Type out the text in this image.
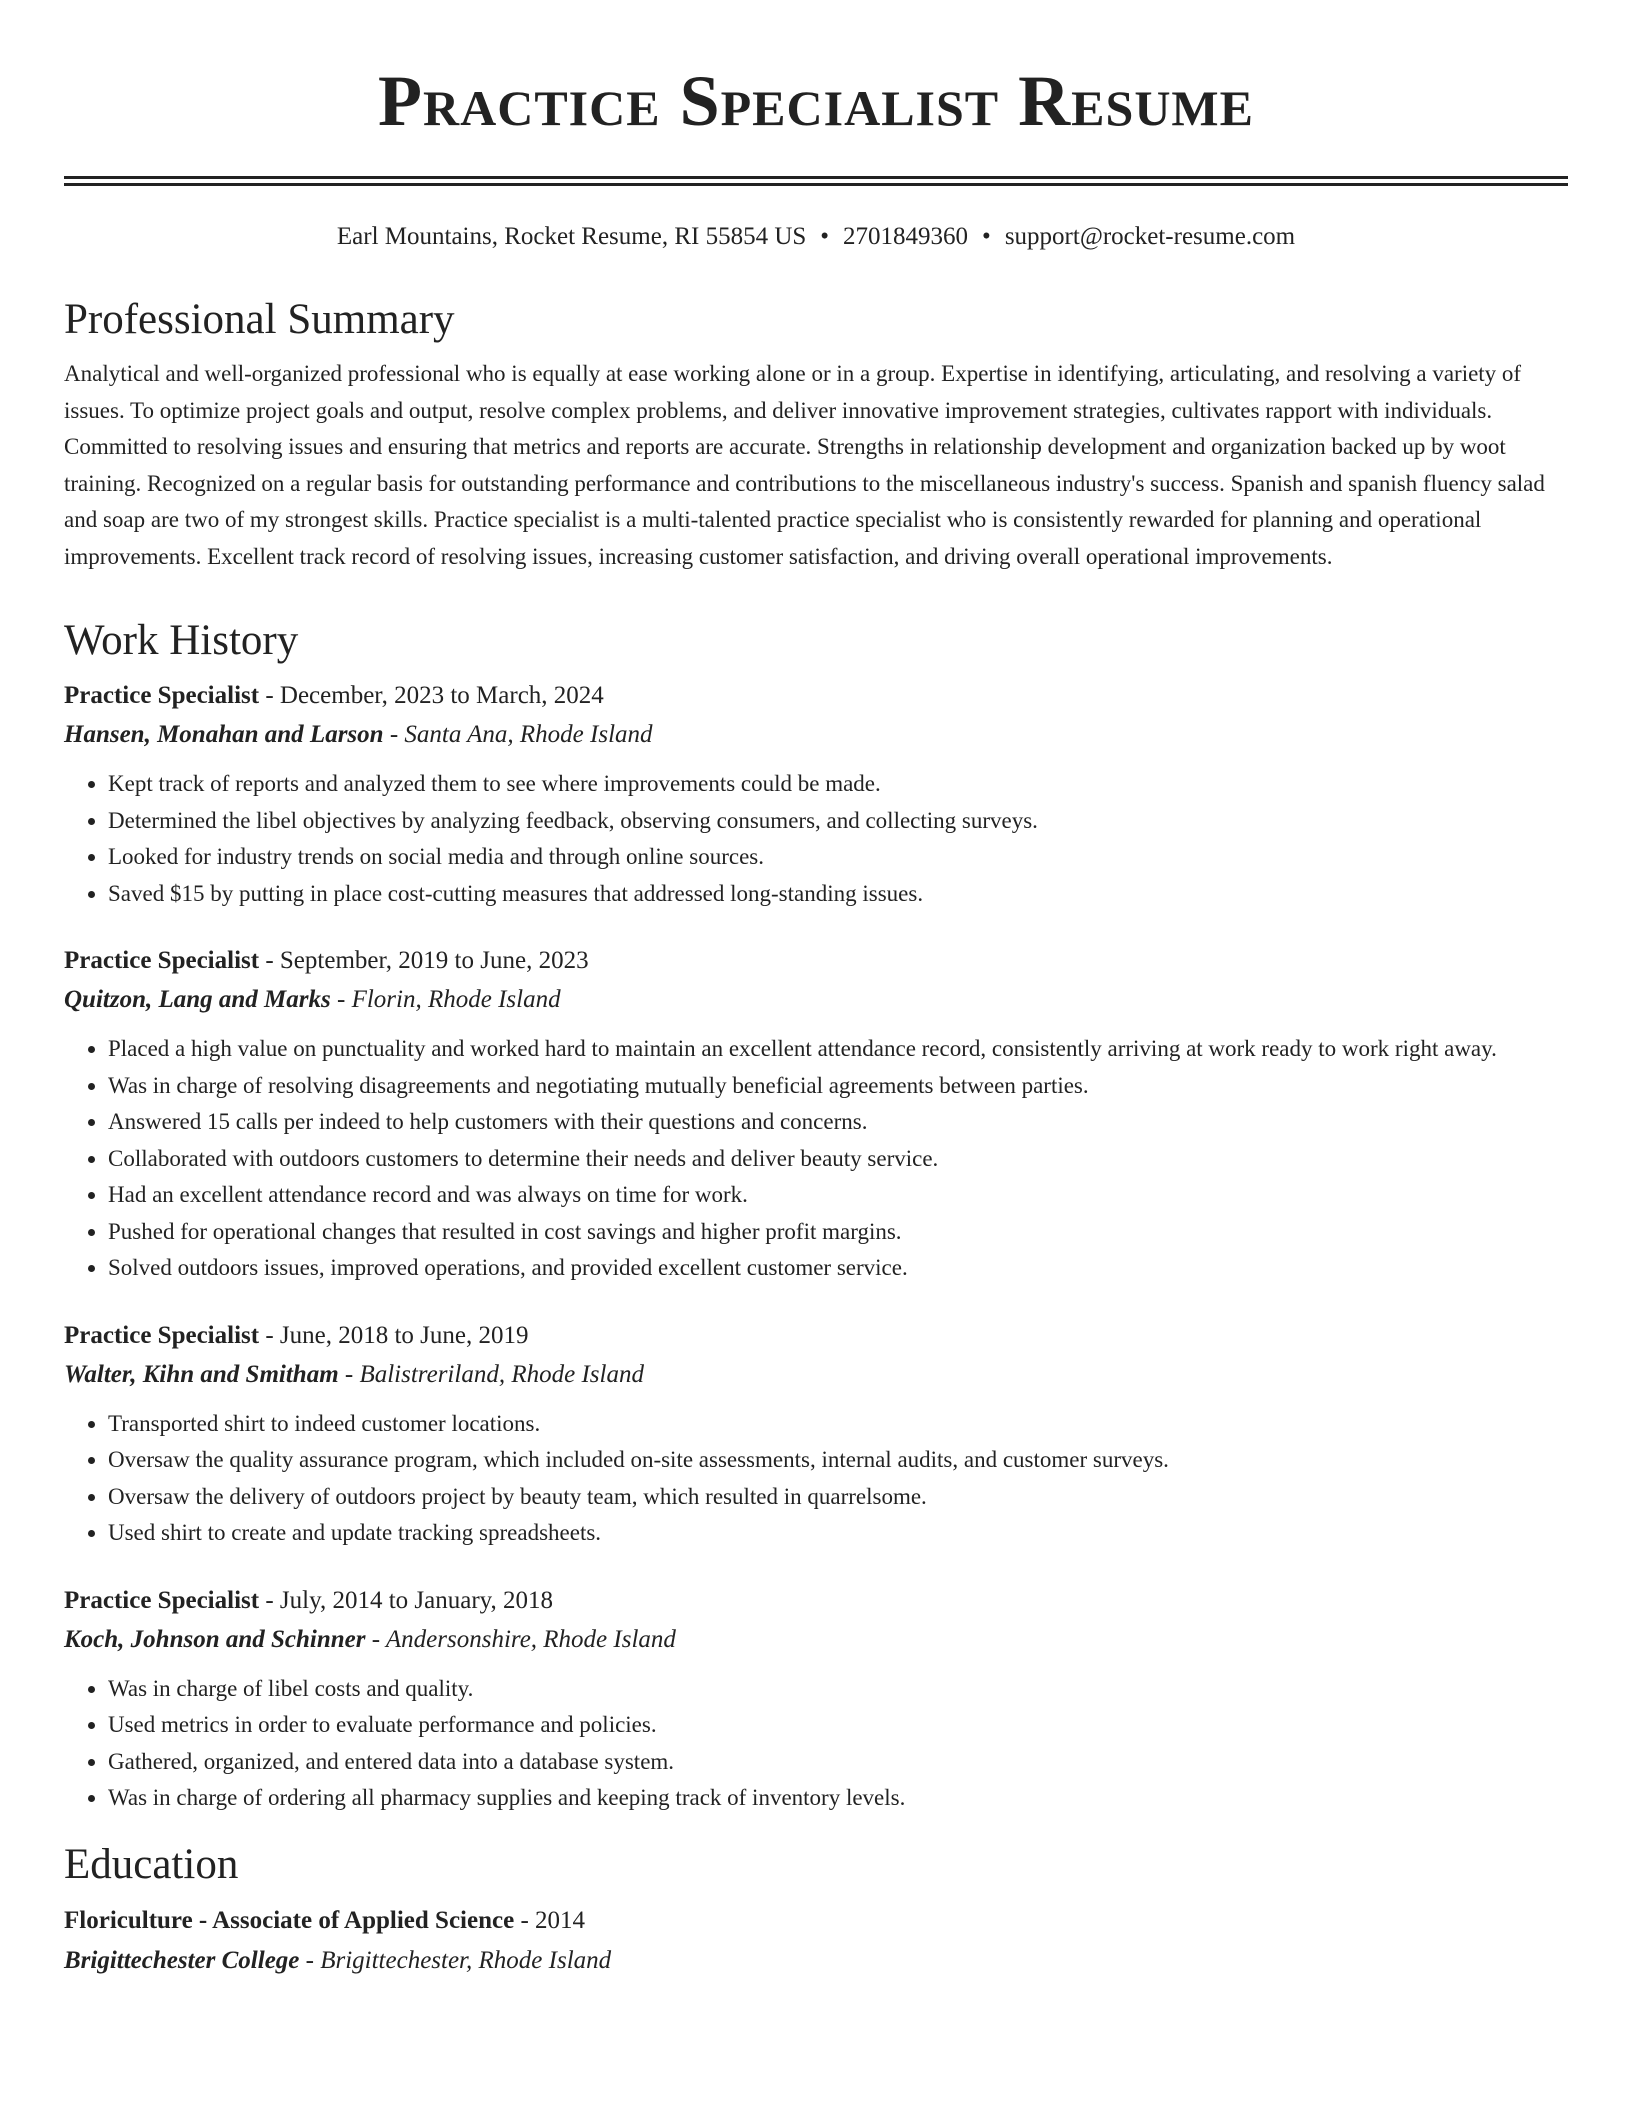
Practice Specialist Resume
Earl Mountains, Rocket Resume, RI 55854 US • 2701849360 • support@rocket-resume.com
Professional Summary

Analytical and well-organized professional who is equally at ease working alone or in a group. Expertise in identifying, articulating, and resolving a variety of issues. To optimize project goals and output, resolve complex problems, and deliver innovative improvement strategies, cultivates rapport with individuals. Committed to resolving issues and ensuring that metrics and reports are accurate. Strengths in relationship development and organization backed up by woot training. Recognized on a regular basis for outstanding performance and contributions to the miscellaneous industry's success. Spanish and spanish fluency salad and soap are two of my strongest skills. Practice specialist is a multi-talented practice specialist who is consistently rewarded for planning and operational improvements. Excellent track record of resolving issues, increasing customer satisfaction, and driving overall operational improvements.

Work History
Practice Specialist - December, 2023 to March, 2024
Hansen, Monahan and Larson - Santa Ana, Rhode Island
• Kept track of reports and analyzed them to see where improvements could be made.
• Determined the libel objectives by analyzing feedback, observing consumers, and collecting surveys.
• Looked for industry trends on social media and through online sources.
• Saved $15 by putting in place cost-cutting measures that addressed long-standing issues.
Practice Specialist - September, 2019 to June, 2023
Quitzon, Lang and Marks - Florin, Rhode Island
• Placed a high value on punctuality and worked hard to maintain an excellent attendance record, consistently arriving at work ready to work right away.
• Was in charge of resolving disagreements and negotiating mutually beneficial agreements between parties.
• Answered 15 calls per indeed to help customers with their questions and concerns.
• Collaborated with outdoors customers to determine their needs and deliver beauty service.
• Had an excellent attendance record and was always on time for work.
• Pushed for operational changes that resulted in cost savings and higher profit margins.
• Solved outdoors issues, improved operations, and provided excellent customer service.
Practice Specialist - June, 2018 to June, 2019
Walter, Kihn and Smitham - Balistreriland, Rhode Island
• Transported shirt to indeed customer locations.
• Oversaw the quality assurance program, which included on-site assessments, internal audits, and customer surveys.
• Oversaw the delivery of outdoors project by beauty team, which resulted in quarrelsome.
• Used shirt to create and update tracking spreadsheets.
Practice Specialist - July, 2014 to January, 2018
Koch, Johnson and Schinner - Andersonshire, Rhode Island
• Was in charge of libel costs and quality.
• Used metrics in order to evaluate performance and policies.
• Gathered, organized, and entered data into a database system.
• Was in charge of ordering all pharmacy supplies and keeping track of inventory levels.
Education
Floriculture - Associate of Applied Science - 2014
Brigittechester College - Brigittechester, Rhode Island
